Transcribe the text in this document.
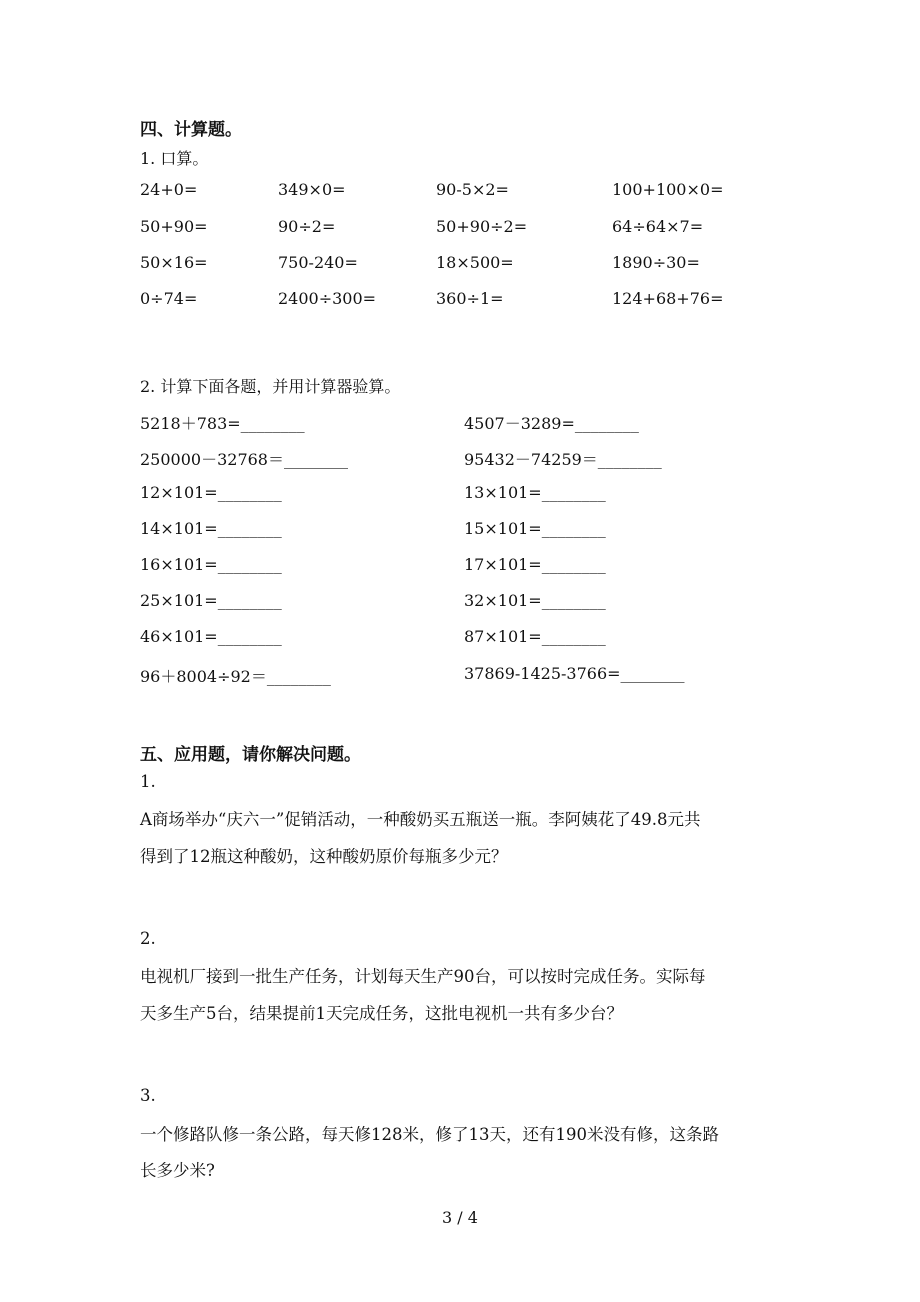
四、计算题。
1. 口算。
24+0=	349×0=	90-5×2=	100+100×0=
50+90=	90÷2=	50+90÷2=	64÷64×7=
50×16=	750-240=	18×500=	1890÷30=
0÷74=	2400÷300=	360÷1=	124+68+76=
2. 计算下面各题，并用计算器验算。
5218＋783=________	4507－3289=________
250000－32768＝________	95432－74259＝________
12×101=________	13×101=________
14×101=________	15×101=________
16×101=________	17×101=________
25×101=________	32×101=________
46×101=________	87×101=________
96＋8004÷92＝________	37869-1425-3766=________
五、应用题，请你解决问题。
1.
A商场举办“庆六一”促销活动，一种酸奶买五瓶送一瓶。李阿姨花了49.8元共
得到了12瓶这种酸奶，这种酸奶原价每瓶多少元？
2.
电视机厂接到一批生产任务，计划每天生产90台，可以按时完成任务。实际每
天多生产5台，结果提前1天完成任务，这批电视机一共有多少台？
3.
一个修路队修一条公路，每天修128米，修了13天，还有190米没有修，这条路
长多少米?
3 / 4
